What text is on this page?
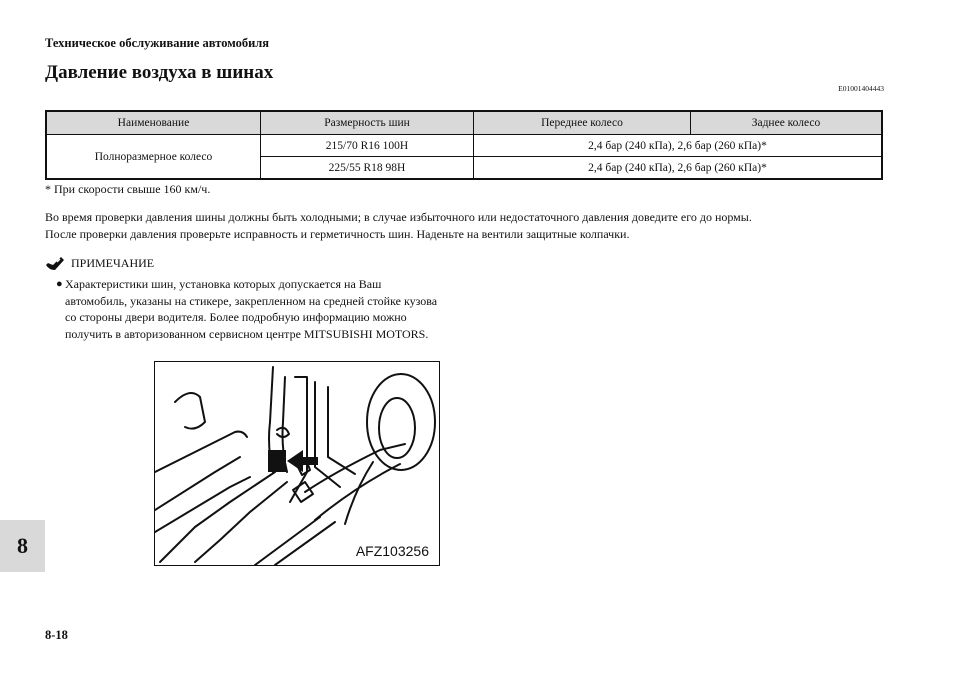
Техническое обслуживание автомобиля
Давление воздуха в шинах
E01001404443
Наименование	Размерность шин	Переднее колесо	Заднее колесо
Полноразмерное колесо	215/70 R16 100H	2,4 бар (240 кПа), 2,6 бар (260 кПа)*	
	225/55 R18 98H	2,4 бар (240 кПа), 2,6 бар (260 кПа)*	
* При скорости свыше 160 км/ч.

Во время проверки давления шины должны быть холодными; в случае избыточного или недостаточного давления доведите его до нормы.

После проверки давления проверьте исправность и герметичность шин. Наденьте на вентили защитные колпачки.

ПРИМЕЧАНИЕ
● Характеристики шин, установка которых допускается на Ваш автомобиль, указаны на стикере, закрепленном на средней стойке кузова со стороны двери водителя. Более подробную информацию можно получить в авторизованном сервисном центре MITSUBISHI MOTORS.
AFZ103256
8
8-18
